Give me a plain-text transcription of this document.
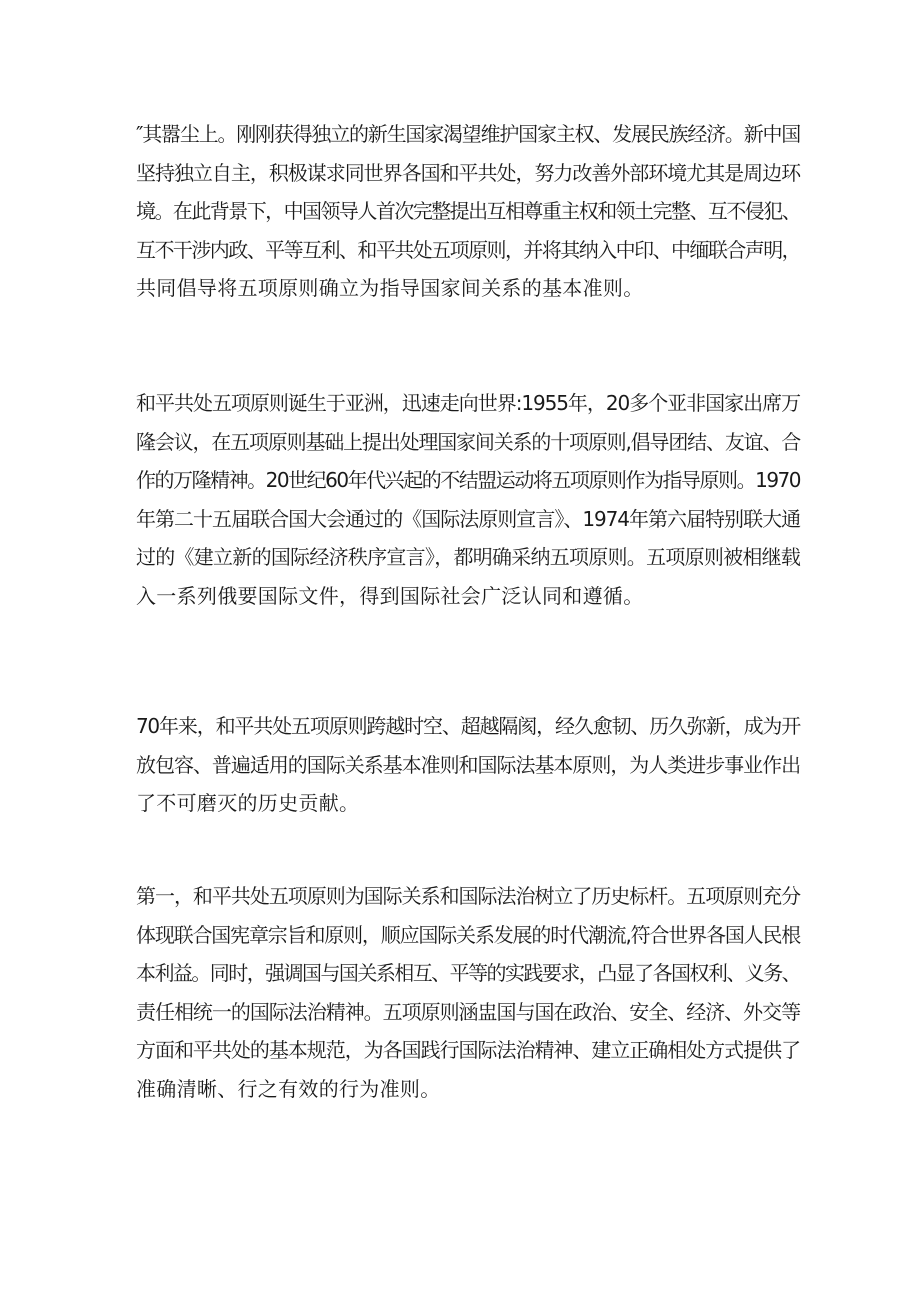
″其嚣尘上。刚刚获得独立的新生国家渴望维护国家主权、发展民族经济。新中国
坚持独立自主，积极谋求同世界各国和平共处，努力改善外部环境尤其是周边环
境。在此背景下，中国领导人首次完整提出互相尊重主权和领土完整、互不侵犯、
互不干涉内政、平等互利、和平共处五项原则，并将其纳入中印、中缅联合声明，
共同倡导将五项原则确立为指导国家间关系的基本准则。

和平共处五项原则诞生于亚洲，迅速走向世界:1955年，20多个亚非国家出席万
隆会议，在五项原则基础上提出处理国家间关系的十项原则,倡导团结、友谊、合
作的万隆精神。20世纪60年代兴起的不结盟运动将五项原则作为指导原则。1970
年第二十五届联合国大会通过的《国际法原则宣言》、1974年第六届特别联大通
过的《建立新的国际经济秩序宣言》，都明确采纳五项原则。五项原则被相继载
入一系列俄要国际文件，得到国际社会广泛认同和遵循。

70年来，和平共处五项原则跨越时空、超越隔阂，经久愈韧、历久弥新，成为开
放包容、普遍适用的国际关系基本准则和国际法基本原则，为人类进步事业作出
了不可磨灭的历史贡献。

第一，和平共处五项原则为国际关系和国际法治树立了历史标杆。五项原则充分
体现联合国宪章宗旨和原则，顺应国际关系发展的时代潮流,符合世界各国人民根
本利益。同时，强调国与国关系相互、平等的实践要求，凸显了各国权利、义务、
责任相统一的国际法治精神。五项原则涵盅国与国在政治、安全、经济、外交等
方面和平共处的基本规范，为各国践行国际法治精神、建立正确相处方式提供了
准确清晰、行之有效的行为准则。
